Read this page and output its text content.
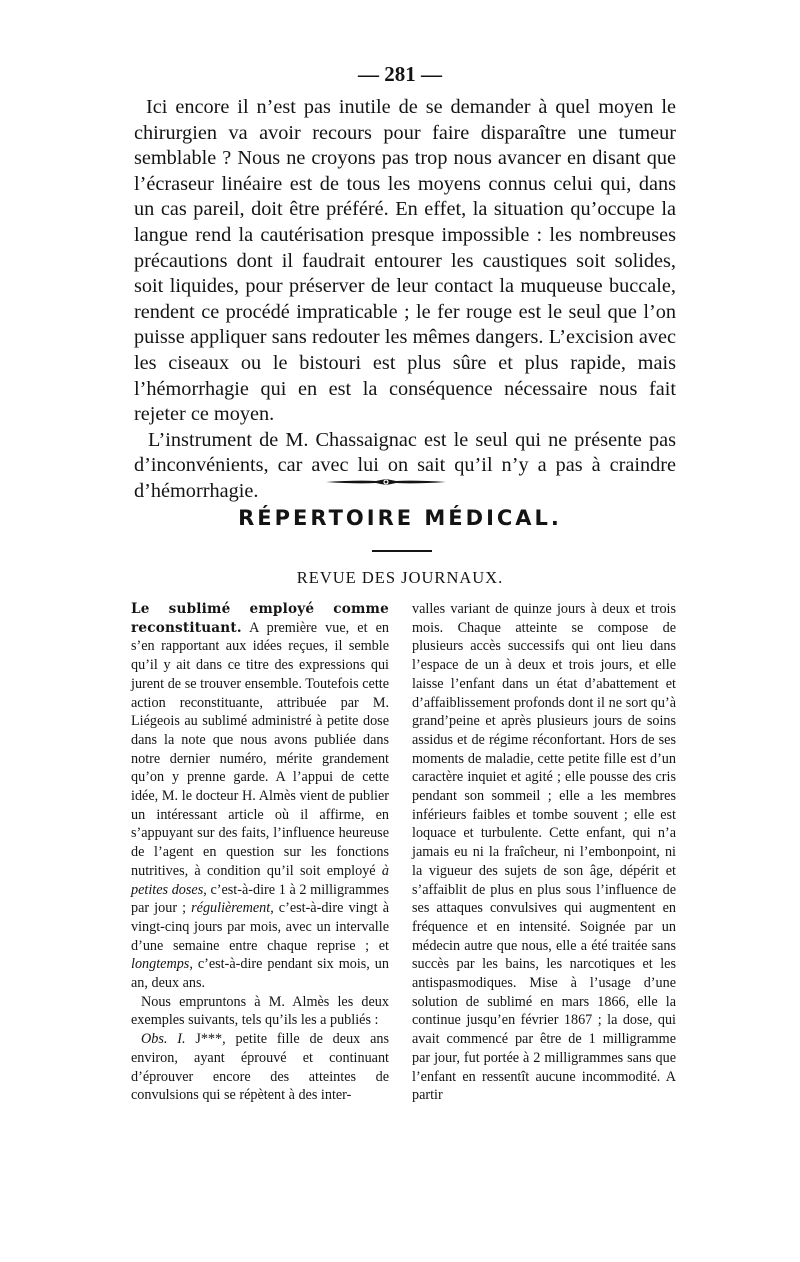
— 281 —

Ici encore il n’est pas inutile de se demander à quel moyen le chirurgien va avoir recours pour faire disparaître une tumeur semblable ? Nous ne croyons pas trop nous avancer en disant que l’écraseur linéaire est de tous les moyens connus celui qui, dans un cas pareil, doit être préféré. En effet, la situation qu’occupe la langue rend la cautérisation presque impossible : les nombreuses précautions dont il faudrait entourer les caustiques soit solides, soit liquides, pour préserver de leur contact la muqueuse buccale, rendent ce procédé impraticable ; le fer rouge est le seul que l’on puisse appliquer sans redouter les mêmes dangers. L’excision avec les ciseaux ou le bistouri est plus sûre et plus rapide, mais l’hémorrhagie qui en est la conséquence nécessaire nous fait rejeter ce moyen.

L’instrument de M. Chassaignac est le seul qui ne présente pas d’inconvénients, car avec lui on sait qu’il n’y a pas à craindre d’hémorrhagie.

RÉPERTOIRE MÉDICAL.
REVUE DES JOURNAUX.

Le sublimé employé comme reconstituant. A première vue, et en s’en rapportant aux idées reçues, il semble qu’il y ait dans ce titre des expressions qui jurent de se trouver ensemble. Toutefois cette action reconstituante, attribuée par M. Liégeois au sublimé administré à petite dose dans la note que nous avons publiée dans notre dernier numéro, mérite grandement qu’on y prenne garde. A l’appui de cette idée, M. le docteur H. Almès vient de publier un intéressant article où il affirme, en s’appuyant sur des faits, l’influence heureuse de l’agent en question sur les fonctions nutritives, à condition qu’il soit employé à petites doses, c’est-à-dire 1 à 2 milligrammes par jour ; régulièrement, c’est-à-dire vingt à vingt-cinq jours par mois, avec un intervalle d’une semaine entre chaque reprise ; et longtemps, c’est-à-dire pendant six mois, un an, deux ans.

Nous empruntons à M. Almès les deux exemples suivants, tels qu’ils les a publiés :

Obs. I. J***, petite fille de deux ans environ, ayant éprouvé et continuant d’éprouver encore des atteintes de convulsions qui se répètent à des inter-

valles variant de quinze jours à deux et trois mois. Chaque atteinte se compose de plusieurs accès successifs qui ont lieu dans l’espace de un à deux et trois jours, et elle laisse l’enfant dans un état d’abattement et d’affaiblissement profonds dont il ne sort qu’à grand’peine et après plusieurs jours de soins assidus et de régime réconfortant. Hors de ses moments de maladie, cette petite fille est d’un caractère inquiet et agité ; elle pousse des cris pendant son sommeil ; elle a les membres inférieurs faibles et tombe souvent ; elle est loquace et turbulente. Cette enfant, qui n’a jamais eu ni la fraîcheur, ni l’embonpoint, ni la vigueur des sujets de son âge, dépérit et s’affaiblit de plus en plus sous l’influence de ses attaques convulsives qui augmentent en fréquence et en intensité. Soignée par un médecin autre que nous, elle a été traitée sans succès par les bains, les narcotiques et les antispasmodiques. Mise à l’usage d’une solution de sublimé en mars 1866, elle la continue jusqu’en février 1867 ; la dose, qui avait commencé par être de 1 milligramme par jour, fut portée à 2 milligrammes sans que l’enfant en ressentît aucune incommodité. A partir
